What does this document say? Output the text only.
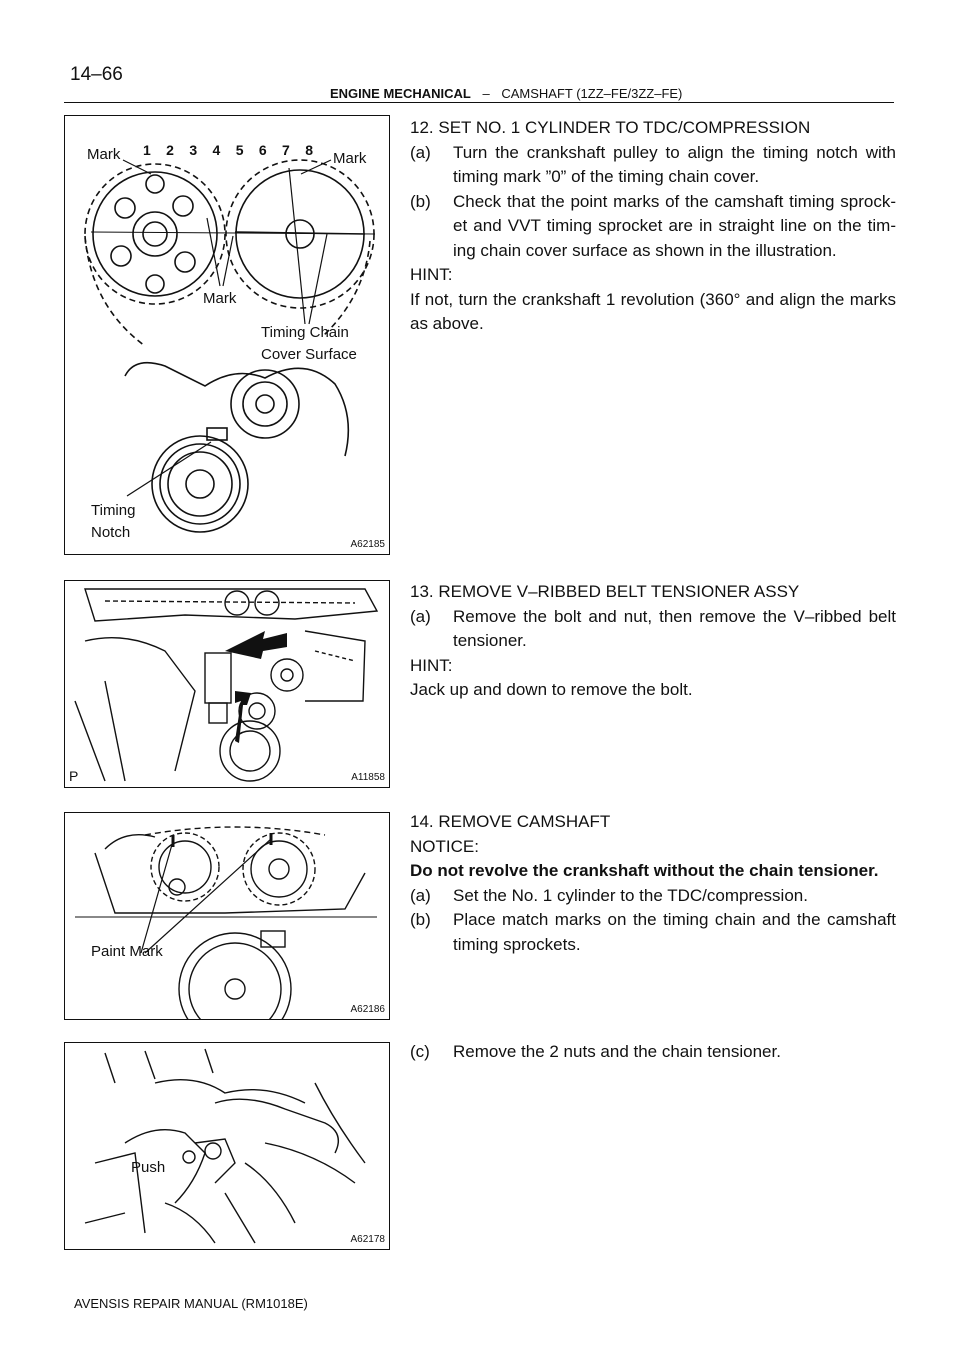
14–66
ENGINE MECHANICAL – CAMSHAFT (1ZZ–FE/3ZZ–FE)
1 2 3 4 5 6 7 8
Mark	Mark
Mark
Timing Chain
Cover Surface
Timing
Notch
A62185
P	A11858
Paint Mark
A62186
Push
A62178

12. SET NO. 1 CYLINDER TO TDC/COMPRESSION

(a) Turn the crankshaft pulley to align the timing notch with timing mark ”0” of the timing chain cover.

(b) Check that the point marks of the camshaft timing sprock-et and VVT timing sprocket are in straight line on the tim-ing chain cover surface as shown in the illustration.

HINT:

If not, turn the crankshaft 1 revolution (360° and align the marks as above.

13. REMOVE V–RIBBED BELT TENSIONER ASSY

(a) Remove the bolt and nut, then remove the V–ribbed belt tensioner.

HINT:

Jack up and down to remove the bolt.

14. REMOVE CAMSHAFT

NOTICE:

Do not revolve the crankshaft without the chain tensioner.

(a) Set the No. 1 cylinder to the TDC/compression.

(b) Place match marks on the timing chain and the camshaft timing sprockets.

(c) Remove the 2 nuts and the chain tensioner.

AVENSIS REPAIR MANUAL (RM1018E)
